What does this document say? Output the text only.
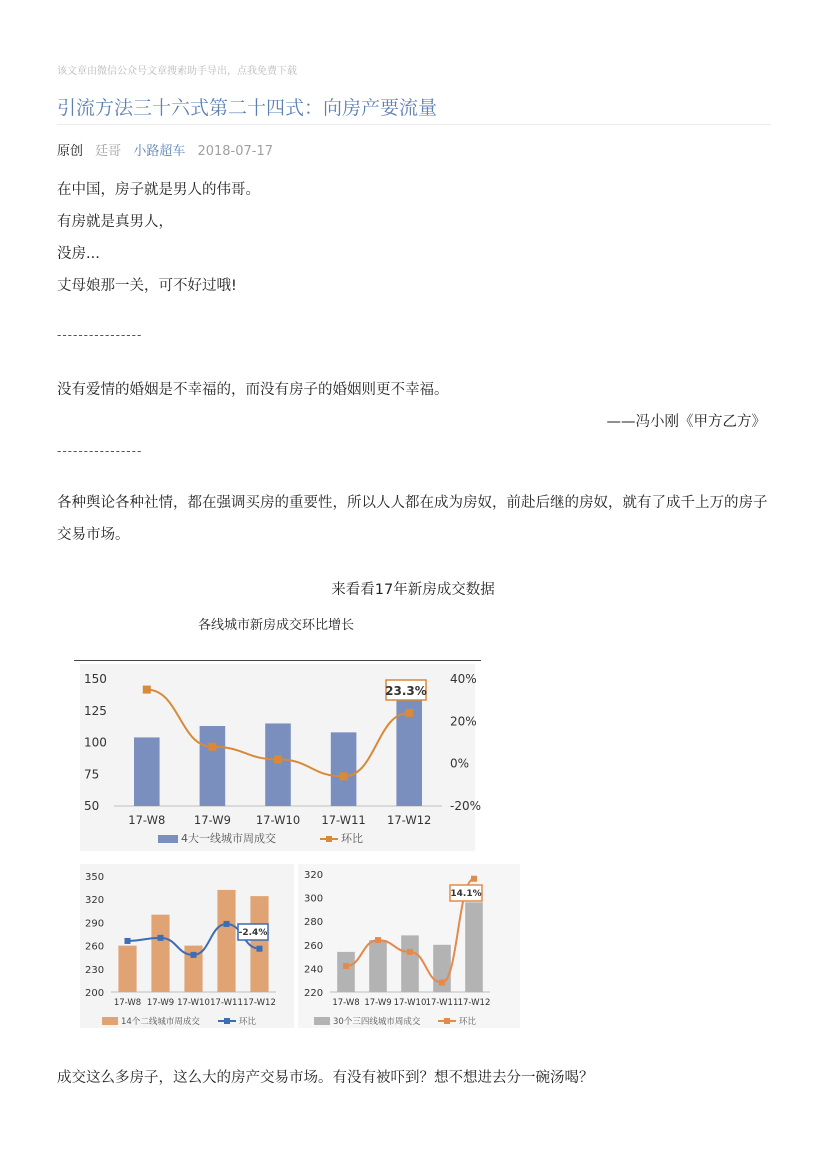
该文章由微信公众号文章搜索助手导出，点我免费下载
引流方法三十六式第二十四式：向房产要流量
原创 廷哥 小路超车 2018-07-17
在中国，房子就是男人的伟哥。
有房就是真男人，
没房...
丈母娘那一关，可不好过哦!
----------------
没有爱情的婚姻是不幸福的，而没有房子的婚姻则更不幸福。
——冯小刚《甲方乙方》
----------------
各种舆论各种社情，都在强调买房的重要性，所以人人都在成为房奴，前赴后继的房奴，就有了成千上万的房子交易市场。
来看看17年新房成交数据
各线城市新房成交环比增长
150
125
100
75
50
40%
20%
0%
-20%
17-W8 17-W9 17-W10 17-W11 17-W12
23.3%
4大一线城市周成交	环比
350
320
290
260
230
200
17-W8 17-W9 17-W10 17-W11 17-W12
-2.4%
14个二线城市周成交	环比
320
300
280
260
240
220
17-W8 17-W9 17-W10 17-W11 17-W12
14.1%
30个三四线城市周成交	环比
成交这么多房子，这么大的房产交易市场。有没有被吓到？想不想进去分一碗汤喝？
